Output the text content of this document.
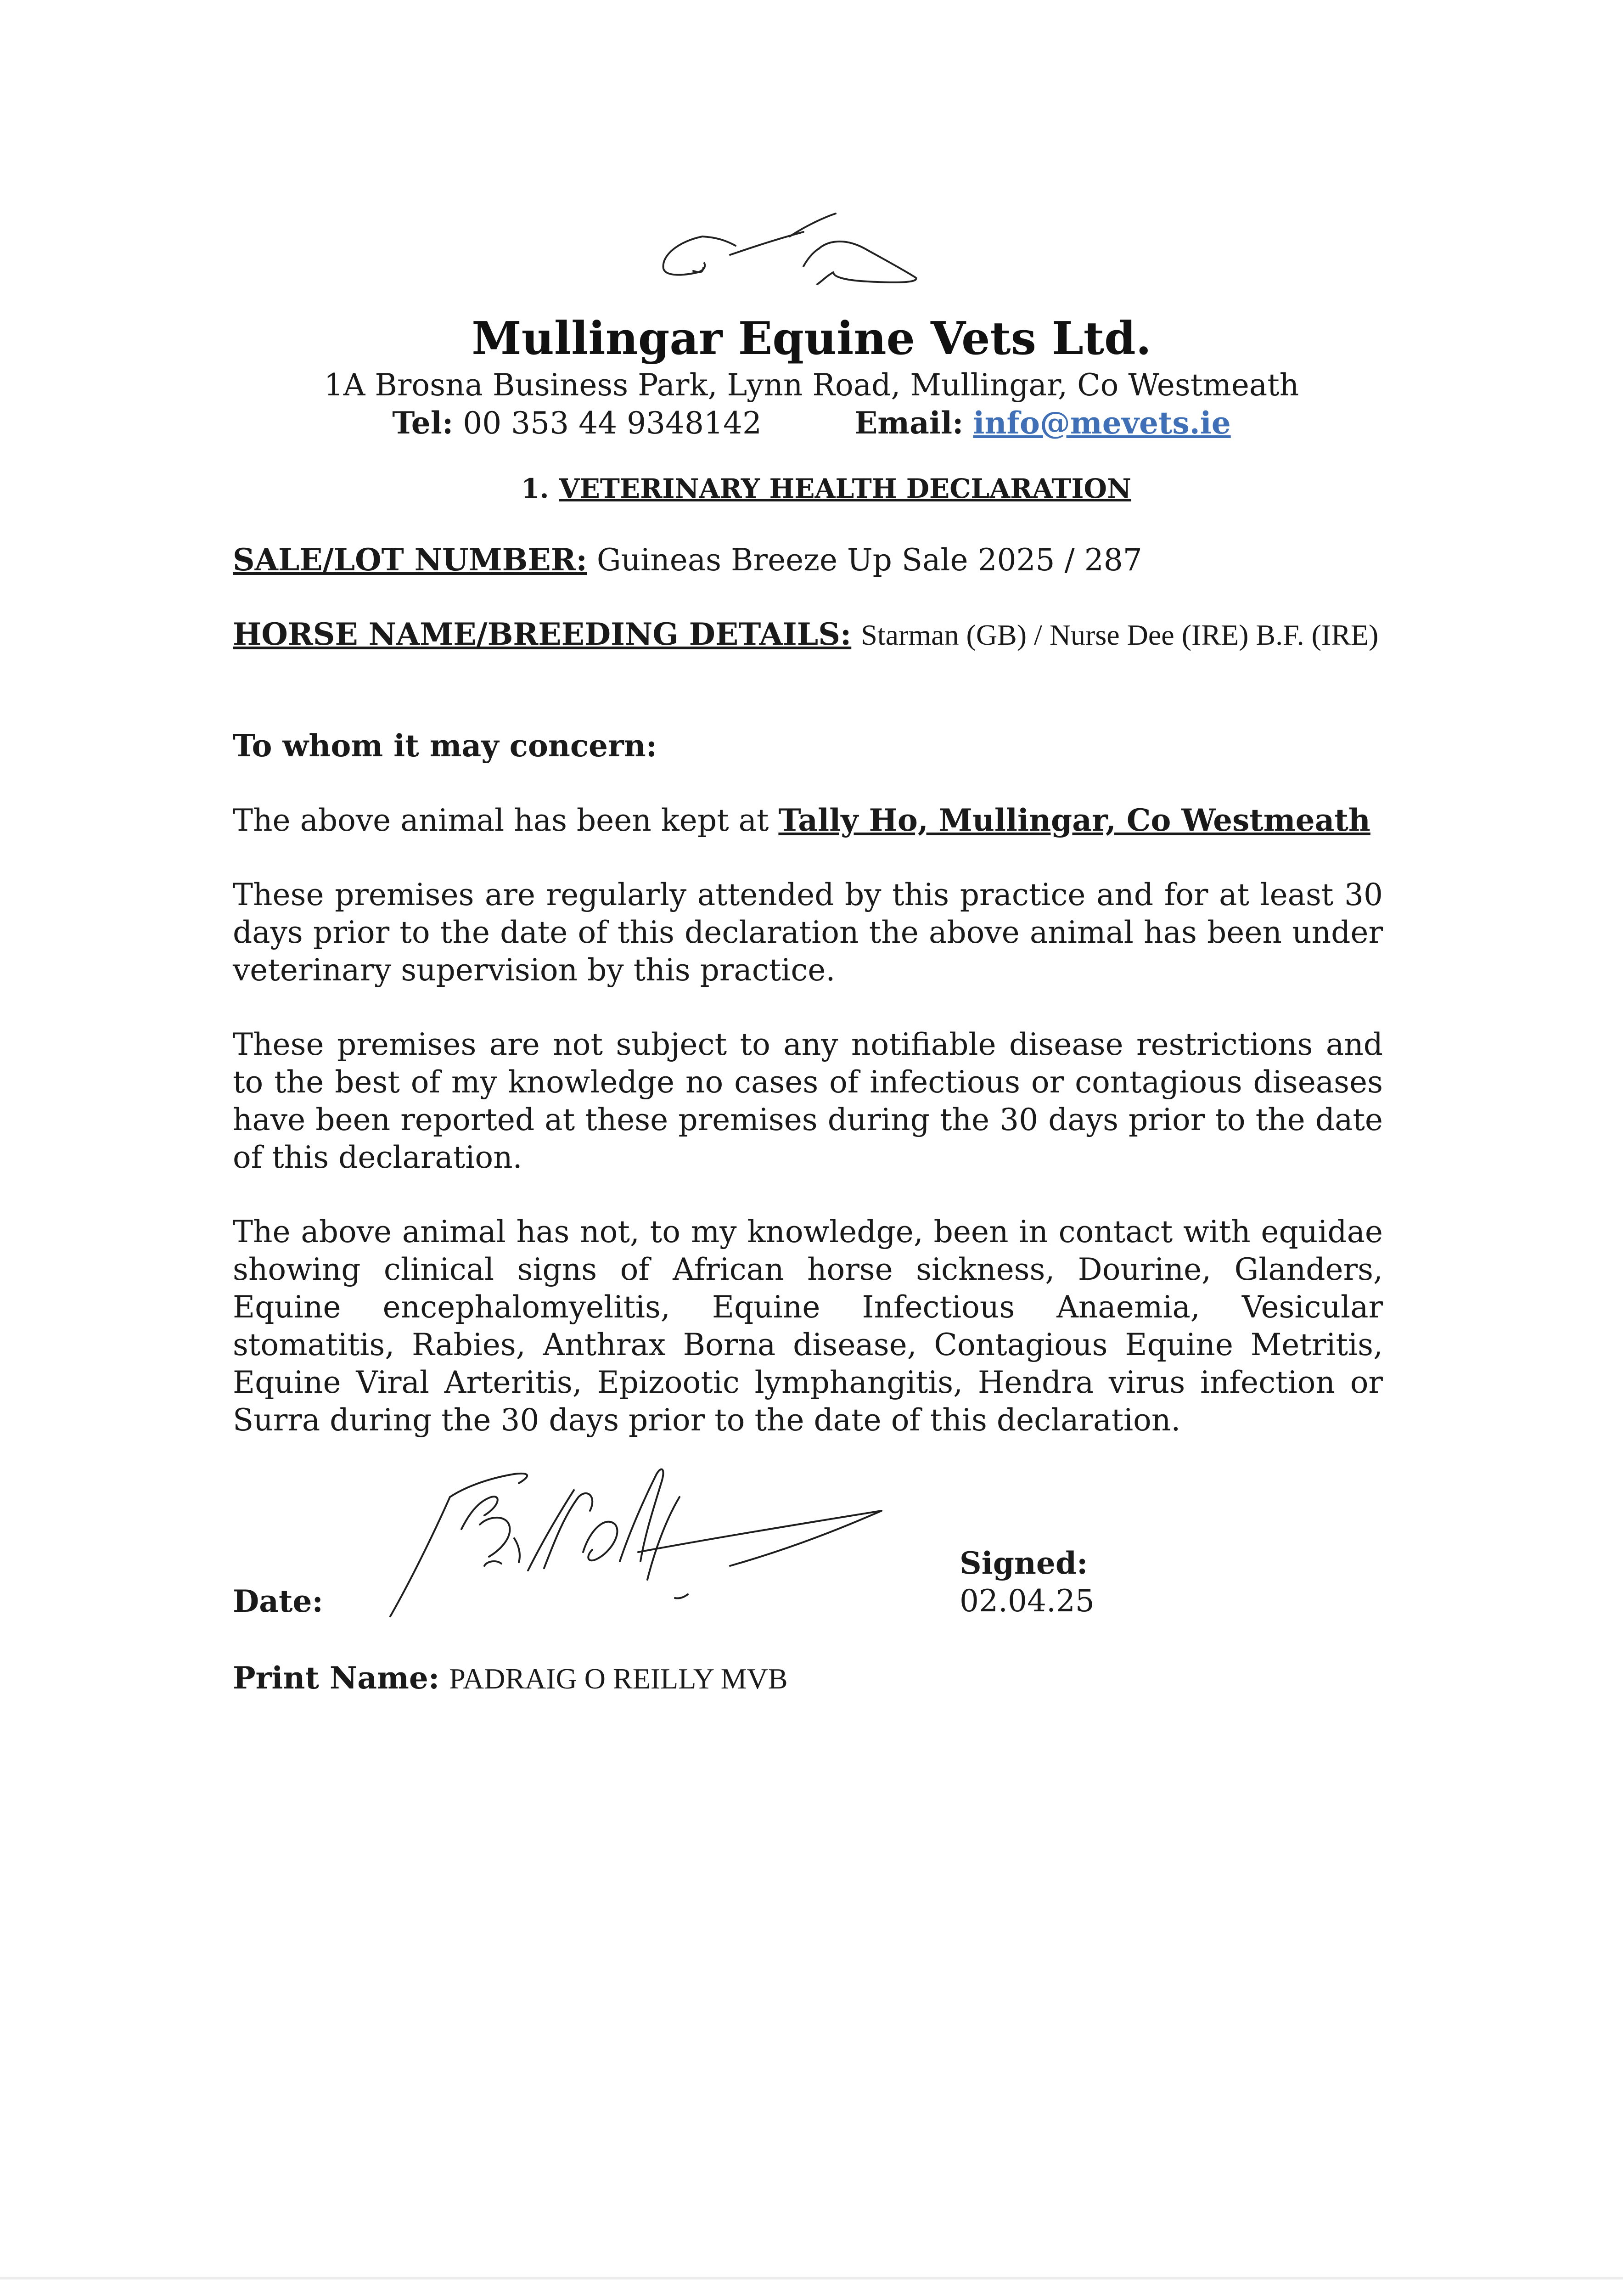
Mullingar Equine Vets Ltd.
1A Brosna Business Park, Lynn Road, Mullingar, Co Westmeath
Tel: 00 353 44 9348142	Email: info@mevets.ie
1. VETERINARY HEALTH DECLARATION
SALE/LOT NUMBER: Guineas Breeze Up Sale 2025 / 287
HORSE NAME/BREEDING DETAILS: Starman (GB) / Nurse Dee (IRE) B.F. (IRE)
To whom it may concern:
The above animal has been kept at Tally Ho, Mullingar, Co Westmeath
These premises are regularly attended by this practice and for at least 30 days prior to the date of this declaration the above animal has been under veterinary supervision by this practice.
These premises are not subject to any notifiable disease restrictions and to the best of my knowledge no cases of infectious or contagious diseases have been reported at these premises during the 30 days prior to the date of this declaration.
The above animal has not, to my knowledge, been in contact with equidae showing clinical signs of African horse sickness, Dourine, Glanders, Equine encephalomyelitis, Equine Infectious Anaemia, Vesicular stomatitis, Rabies, Anthrax Borna disease, Contagious Equine Metritis, Equine Viral Arteritis, Epizootic lymphangitis, Hendra virus infection or Surra during the 30 days prior to the date of this declaration.
Date:
Signed:
02.04.25
Print Name: PADRAIG O REILLY MVB
